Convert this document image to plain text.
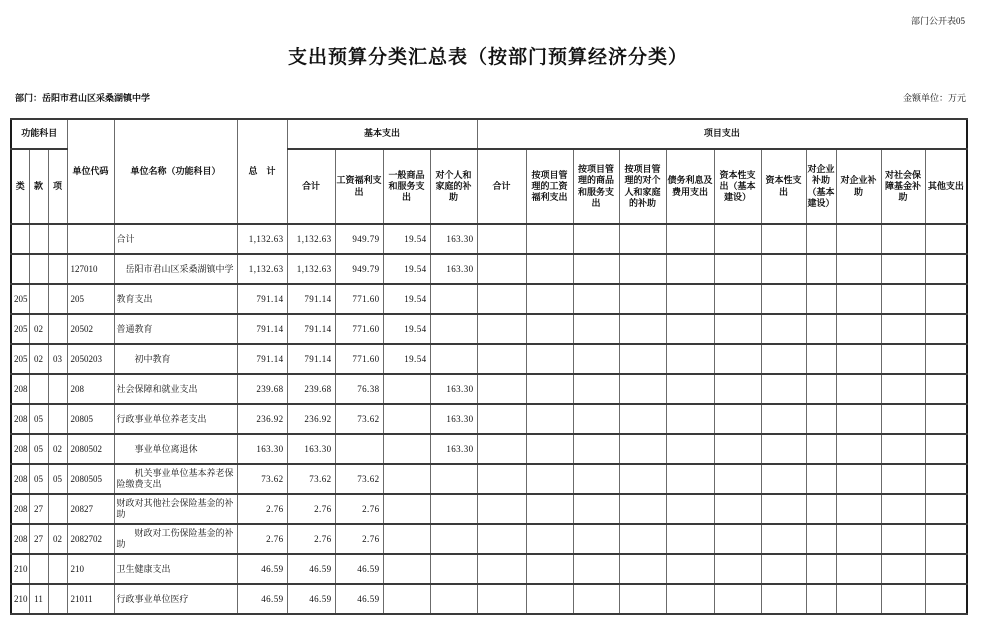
部门公开表05
支出预算分类汇总表（按部门预算经济分类）
部门：岳阳市君山区采桑湖镇中学	金额单位：万元
功能科目			单位代码	单位名称（功能科目）	总　计	基本支出				项目支出										
类	款	项				合计	工资福利支出	一般商品和服务支出	对个人和家庭的补助	合计	按项目管理的工资福利支出	按项目管理的商品和服务支出	按项目管理的对个人和家庭的补助	债务利息及费用支出	资本性支出（基本建设）	资本性支出	对企业补助（基本建设）	对企业补助	对社会保障基金补助	其他支出
				合计	1,132.63	1,132.63	949.79	19.54	163.30											
			127010	岳阳市君山区采桑湖镇中学	1,132.63	1,132.63	949.79	19.54	163.30											
205			205	教育支出	791.14	791.14	771.60	19.54												
205	02		20502	普通教育	791.14	791.14	771.60	19.54												
205	02	03	2050203	初中教育	791.14	791.14	771.60	19.54												
208			208	社会保障和就业支出	239.68	239.68	76.38		163.30											
208	05		20805	行政事业单位养老支出	236.92	236.92	73.62		163.30											
208	05	02	2080502	事业单位离退休	163.30	163.30			163.30											
208	05	05	2080505	机关事业单位基本养老保险缴费支出	73.62	73.62	73.62													
208	27		20827	财政对其他社会保险基金的补助	2.76	2.76	2.76													
208	27	02	2082702	财政对工伤保险基金的补助	2.76	2.76	2.76													
210			210	卫生健康支出	46.59	46.59	46.59													
210	11		21011	行政事业单位医疗	46.59	46.59	46.59													
